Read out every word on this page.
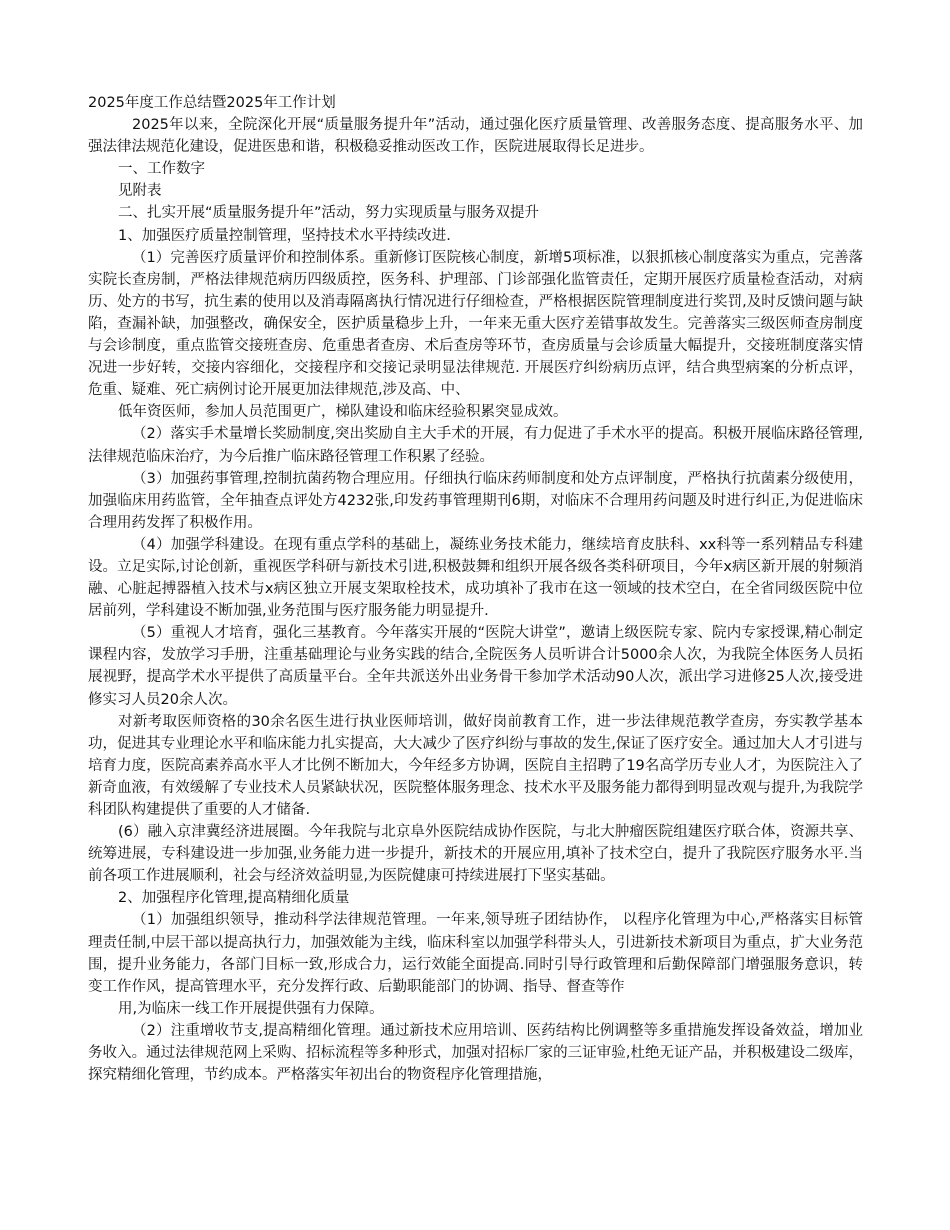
2025年度工作总结暨2025年工作计划

2025年以来，全院深化开展“质量服务提升年”活动，通过强化医疗质量管理、改善服务态度、提高服务水平、加强法律法规范化建设，促进医患和谐，积极稳妥推动医改工作，医院进展取得长足进步。

一、工作数字

见附表

二、扎实开展“质量服务提升年”活动，努力实现质量与服务双提升

1、加强医疗质量控制管理，坚持技术水平持续改进.

（1）完善医疗质量评价和控制体系。重新修订医院核心制度，新增5项标准，以狠抓核心制度落实为重点，完善落实院长查房制，严格法律规范病历四级质控，医务科、护理部、门诊部强化监管责任，定期开展医疗质量检查活动，对病历、处方的书写，抗生素的使用以及消毒隔离执行情况进行仔细检查，严格根据医院管理制度进行奖罚,及时反馈问题与缺陷，查漏补缺，加强整改，确保安全，医护质量稳步上升，一年来无重大医疗差错事故发生。完善落实三级医师查房制度与会诊制度，重点监管交接班查房、危重患者查房、术后查房等环节，查房质量与会诊质量大幅提升，交接班制度落实情况进一步好转，交接内容细化，交接程序和交接记录明显法律规范. 开展医疗纠纷病历点评，结合典型病案的分析点评，危重、疑难、死亡病例讨论开展更加法律规范,涉及高、中、

低年资医师，参加人员范围更广，梯队建设和临床经验积累突显成效。

（2）落实手术量增长奖励制度,突出奖励自主大手术的开展，有力促进了手术水平的提高。积极开展临床路径管理,法律规范临床治疗，为今后推广临床路径管理工作积累了经验。

（3）加强药事管理,控制抗菌药物合理应用。仔细执行临床药师制度和处方点评制度，严格执行抗菌素分级使用，加强临床用药监管，全年抽查点评处方4232张,印发药事管理期刊6期，对临床不合理用药问题及时进行纠正,为促进临床合理用药发挥了积极作用。

（4）加强学科建设。在现有重点学科的基础上，凝练业务技术能力，继续培育皮肤科、xx科等一系列精品专科建设。立足实际,讨论创新，重视医学科研与新技术引进,积极鼓舞和组织开展各级各类科研项目，今年x病区新开展的射频消融、心脏起搏器植入技术与x病区独立开展支架取栓技术，成功填补了我市在这一领域的技术空白，在全省同级医院中位居前列，学科建设不断加强,业务范围与医疗服务能力明显提升.

（5）重视人才培育，强化三基教育。今年落实开展的“医院大讲堂”，邀请上级医院专家、院内专家授课,精心制定课程内容，发放学习手册，注重基础理论与业务实践的结合,全院医务人员听讲合计5000余人次，为我院全体医务人员拓展视野，提高学术水平提供了高质量平台。全年共派送外出业务骨干参加学术活动90人次，派出学习进修25人次,接受进修实习人员20余人次。

对新考取医师资格的30余名医生进行执业医师培训，做好岗前教育工作，进一步法律规范教学查房，夯实教学基本功，促进其专业理论水平和临床能力扎实提高，大大减少了医疗纠纷与事故的发生,保证了医疗安全。通过加大人才引进与培育力度，医院高素养高水平人才比例不断加大，今年经多方协调，医院自主招聘了19名高学历专业人才，为医院注入了新奇血液，有效缓解了专业技术人员紧缺状况，医院整体服务理念、技术水平及服务能力都得到明显改观与提升,为我院学科团队构建提供了重要的人才储备.

(6）融入京津冀经济进展圈。今年我院与北京阜外医院结成协作医院，与北大肿瘤医院组建医疗联合体，资源共享、统筹进展，专科建设进一步加强,业务能力进一步提升，新技术的开展应用,填补了技术空白，提升了我院医疗服务水平.当前各项工作进展顺利，社会与经济效益明显,为医院健康可持续进展打下坚实基础。

2、加强程序化管理,提高精细化质量

（1）加强组织领导，推动科学法律规范管理。一年来,领导班子团结协作， 以程序化管理为中心,严格落实目标管理责任制,中层干部以提高执行力，加强效能为主线，临床科室以加强学科带头人，引进新技术新项目为重点，扩大业务范围，提升业务能力，各部门目标一致,形成合力，运行效能全面提高.同时引导行政管理和后勤保障部门增强服务意识，转变工作作风，提高管理水平，充分发挥行政、后勤职能部门的协调、指导、督查等作

用,为临床一线工作开展提供强有力保障。

（2）注重增收节支,提高精细化管理。通过新技术应用培训、医药结构比例调整等多重措施发挥设备效益，增加业务收入。通过法律规范网上采购、招标流程等多种形式，加强对招标厂家的三证审验,杜绝无证产品，并积极建设二级库，探究精细化管理，节约成本。严格落实年初出台的物资程序化管理措施，
